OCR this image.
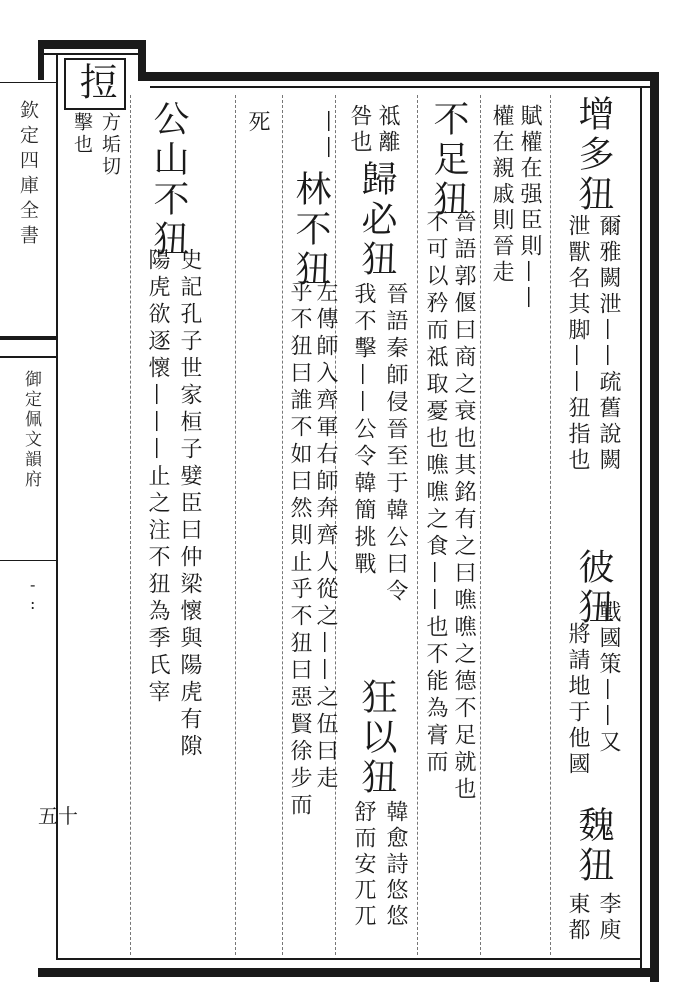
欽定四庫全書
御定佩文韻府
-
:
五十
𢭃
方垢切
擊也	增多狃
爾雅闕泄——疏舊說闕
泄獸名其脚——狃指也
彼狃
戰國策——又
將請地于他國
魏狃
李庾
東都
賦權在强臣則——
權在親戚則晉走
不足狃
晉語郭偃曰商之衰也其銘有之曰噍噍之德不足就也
不可以矜而祗取憂也噍噍之食——也不能為膏而
祗離
咎也
歸必狃
晉語秦師侵晉至于韓公曰令
我不擊——公令韓簡挑戰
狂以狃
韓愈詩悠悠
舒而安兀兀
——
林不狃
左傳師入齊軍右師奔齊人從之——之伍曰走
乎不狃曰誰不如曰然則止乎不狃曰惡賢徐步而
死
公山不狃
史記孔子世家桓子嬖臣曰仲梁懷與陽虎有隙
陽虎欲逐懷———止之注不狃為季氏宰
